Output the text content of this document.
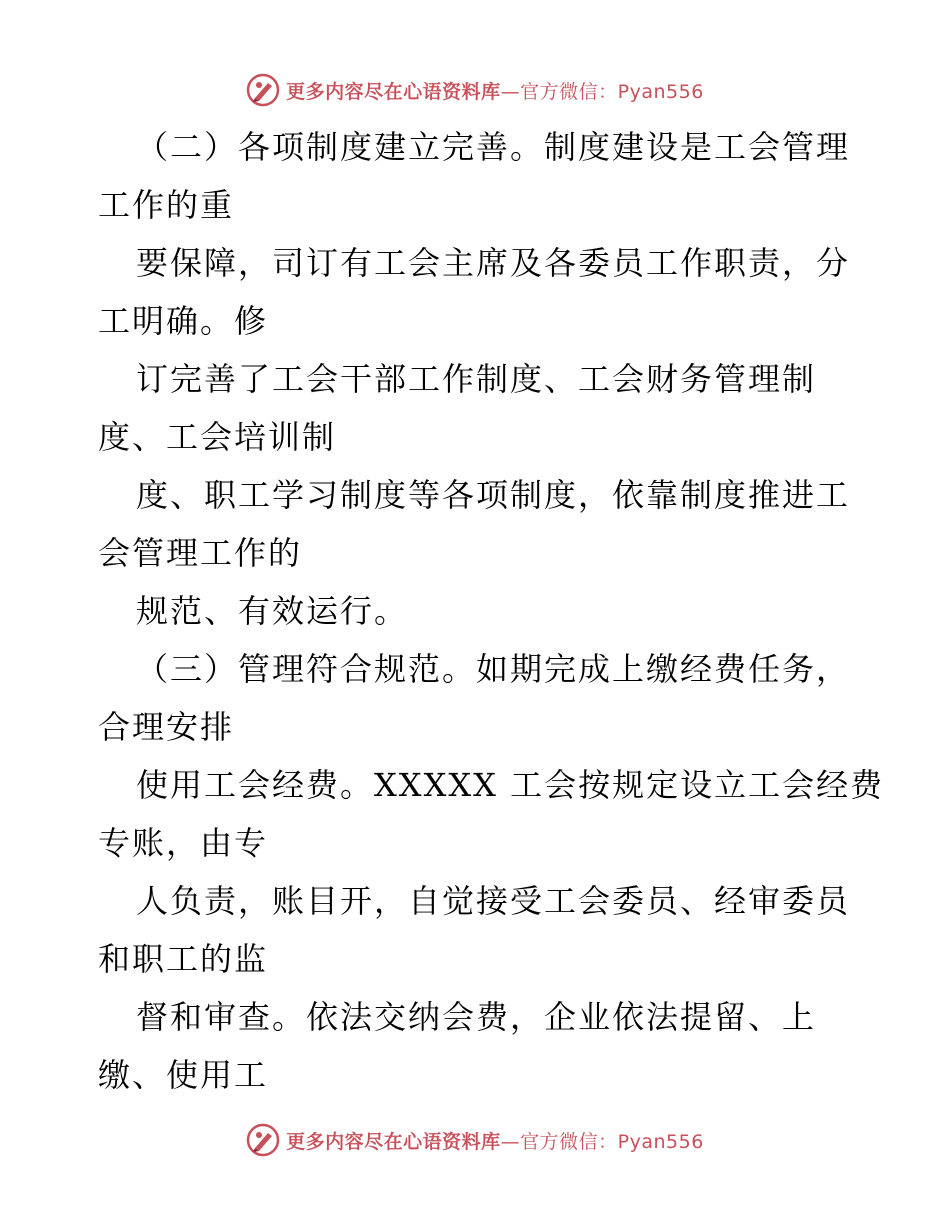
更多内容尽在心语资料库—官方微信：Pyan556
（二）各项制度建立完善。制度建设是工会管理
工作的重
要保障，司订有工会主席及各委员工作职责，分
工明确。修
订完善了工会干部工作制度、工会财务管理制
度、工会培训制
度、职工学习制度等各项制度，依靠制度推进工
会管理工作的
规范、有效运行。
（三）管理符合规范。如期完成上缴经费任务，
合理安排
使用工会经费。XXXXX 工会按规定设立工会经费
专账，由专
人负责，账目开，自觉接受工会委员、经审委员
和职工的监
督和审查。依法交纳会费，企业依法提留、上
缴、使用工
更多内容尽在心语资料库—官方微信：Pyan556
